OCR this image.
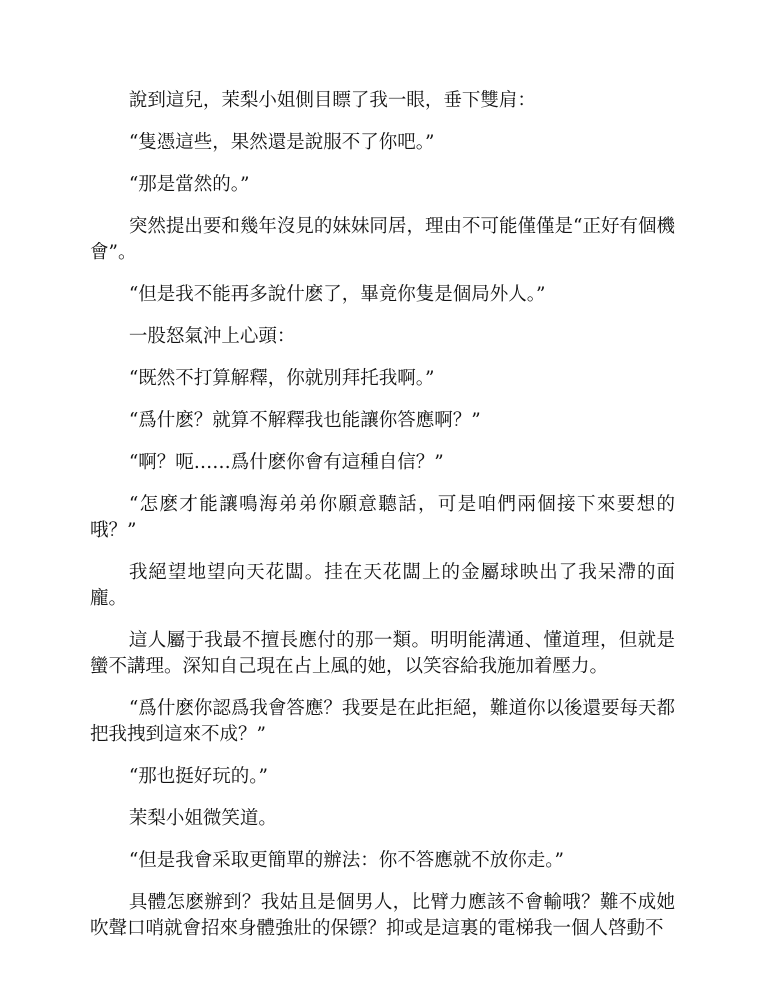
說到這兒，茉梨小姐側目瞟了我一眼，垂下雙肩：

“隻憑這些，果然還是說服不了你吧。”

“那是當然的。”

突然提出要和幾年沒見的妹妹同居，理由不可能僅僅是“正好有個機會”。

“但是我不能再多說什麽了，畢竟你隻是個局外人。”

一股怒氣沖上心頭：

“既然不打算解釋，你就別拜托我啊。”

“爲什麽？就算不解釋我也能讓你答應啊？”

“啊？呃……爲什麽你會有這種自信？”

“怎麽才能讓鳴海弟弟你願意聽話，可是咱們兩個接下來要想的哦？”

我絕望地望向天花闆。挂在天花闆上的金屬球映出了我呆滯的面龐。

這人屬于我最不擅長應付的那一類。明明能溝通、懂道理，但就是蠻不講理。深知自己現在占上風的她，以笑容給我施加着壓力。

“爲什麽你認爲我會答應？我要是在此拒絕，難道你以後還要每天都把我拽到這來不成？”

“那也挺好玩的。”

茉梨小姐微笑道。

“但是我會采取更簡單的辦法：你不答應就不放你走。”

具體怎麽辦到？我姑且是個男人，比臂力應該不會輸哦？難不成她吹聲口哨就會招來身體強壯的保镖？抑或是這裏的電梯我一個人啓動不
